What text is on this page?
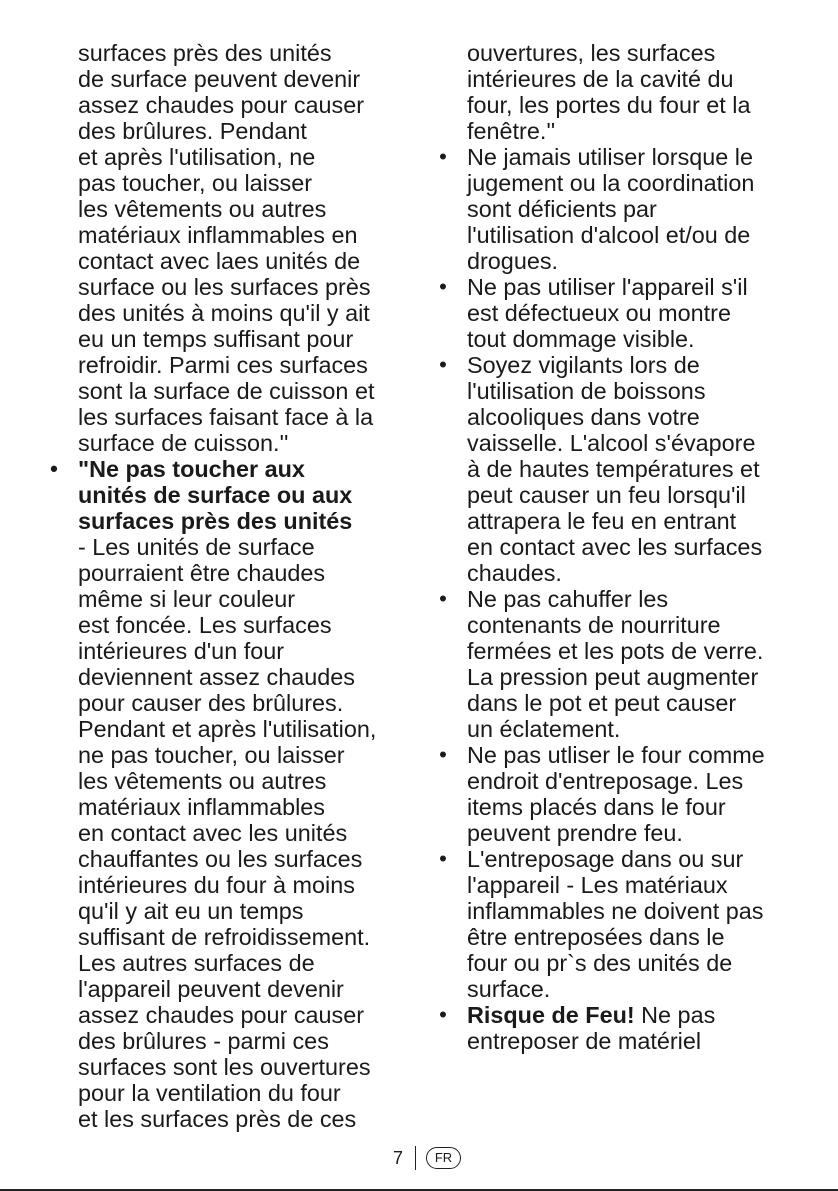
surfaces près des unités
de surface peuvent devenir
assez chaudes pour causer
des brûlures. Pendant
et après l'utilisation, ne
pas toucher, ou laisser
les vêtements ou autres
matériaux inflammables en
contact avec laes unités de
surface ou les surfaces près
des unités à moins qu'il y ait
eu un temps suffisant pour
refroidir. Parmi ces surfaces
sont la surface de cuisson et
les surfaces faisant face à la
surface de cuisson.''
• "Ne pas toucher aux
unités de surface ou aux
surfaces près des unités
- Les unités de surface
pourraient être chaudes
même si leur couleur
est foncée. Les surfaces
intérieures d'un four
deviennent assez chaudes
pour causer des brûlures.
Pendant et après l'utilisation,
ne pas toucher, ou laisser
les vêtements ou autres
matériaux inflammables
en contact avec les unités
chauffantes ou les surfaces
intérieures du four à moins
qu'il y ait eu un temps
suffisant de refroidissement.
Les autres surfaces de
l'appareil peuvent devenir
assez chaudes pour causer
des brûlures - parmi ces
surfaces sont les ouvertures
pour la ventilation du four
et les surfaces près de ces
ouvertures, les surfaces
intérieures de la cavité du
four, les portes du four et la
fenêtre.''
• Ne jamais utiliser lorsque le
jugement ou la coordination
sont déficients par
l'utilisation d'alcool et/ou de
drogues.
• Ne pas utiliser l'appareil s'il
est défectueux ou montre
tout dommage visible.
• Soyez vigilants lors de
l'utilisation de boissons
alcooliques dans votre
vaisselle. L'alcool s'évapore
à de hautes températures et
peut causer un feu lorsqu'il
attrapera le feu en entrant
en contact avec les surfaces
chaudes.
• Ne pas cahuffer les
contenants de nourriture
fermées et les pots de verre.
La pression peut augmenter
dans le pot et peut causer
un éclatement.
• Ne pas utliser le four comme
endroit d'entreposage. Les
items placés dans le four
peuvent prendre feu.
• L'entreposage dans ou sur
l'appareil - Les matériaux
inflammables ne doivent pas
être entreposées dans le
four ou pr`s des unités de
surface.
• Risque de Feu! Ne pas
entreposer de matériel
7	FR
